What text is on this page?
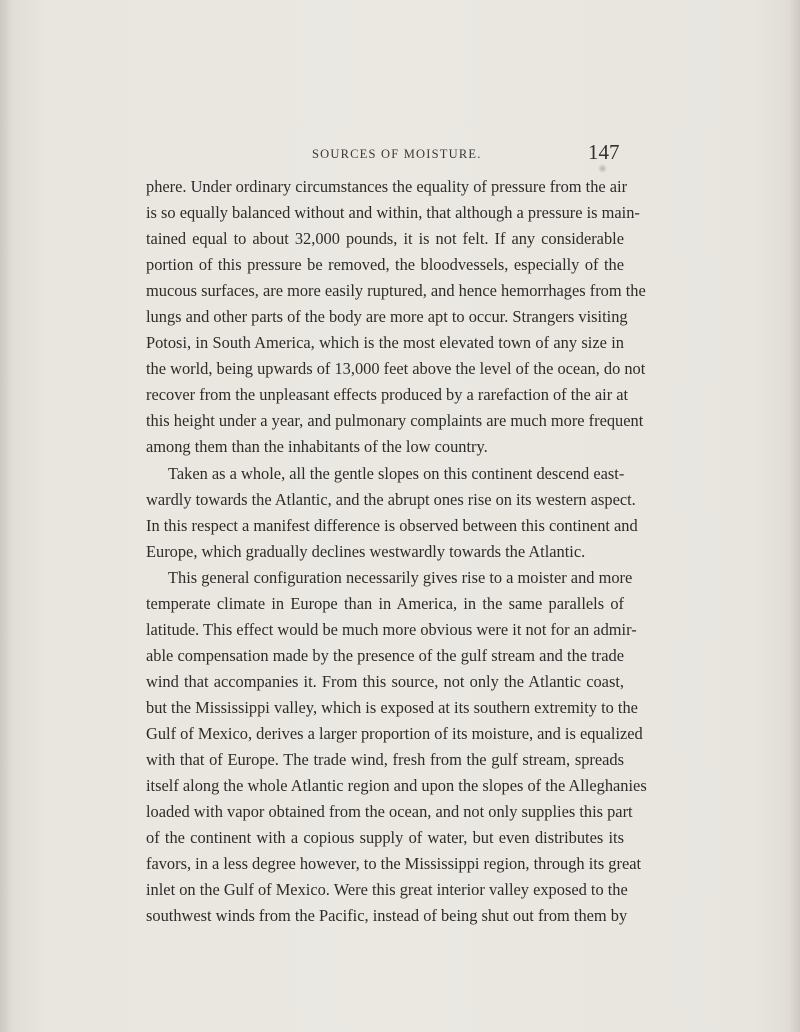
SOURCES OF MOISTURE.	147
phere. Under ordinary circumstances the equality of pressure from the air
is so equally balanced without and within, that although a pressure is main-
tained equal to about 32,000 pounds, it is not felt. If any considerable
portion of this pressure be removed, the bloodvessels, especially of the
mucous surfaces, are more easily ruptured, and hence hemorrhages from the
lungs and other parts of the body are more apt to occur. Strangers visiting
Potosi, in South America, which is the most elevated town of any size in
the world, being upwards of 13,000 feet above the level of the ocean, do not
recover from the unpleasant effects produced by a rarefaction of the air at
this height under a year, and pulmonary complaints are much more frequent
among them than the inhabitants of the low country.
Taken as a whole, all the gentle slopes on this continent descend east-
wardly towards the Atlantic, and the abrupt ones rise on its western aspect.
In this respect a manifest difference is observed between this continent and
Europe, which gradually declines westwardly towards the Atlantic.
This general configuration necessarily gives rise to a moister and more
temperate climate in Europe than in America, in the same parallels of
latitude. This effect would be much more obvious were it not for an admir-
able compensation made by the presence of the gulf stream and the trade
wind that accompanies it. From this source, not only the Atlantic coast,
but the Mississippi valley, which is exposed at its southern extremity to the
Gulf of Mexico, derives a larger proportion of its moisture, and is equalized
with that of Europe. The trade wind, fresh from the gulf stream, spreads
itself along the whole Atlantic region and upon the slopes of the Alleghanies
loaded with vapor obtained from the ocean, and not only supplies this part
of the continent with a copious supply of water, but even distributes its
favors, in a less degree however, to the Mississippi region, through its great
inlet on the Gulf of Mexico. Were this great interior valley exposed to the
southwest winds from the Pacific, instead of being shut out from them by
